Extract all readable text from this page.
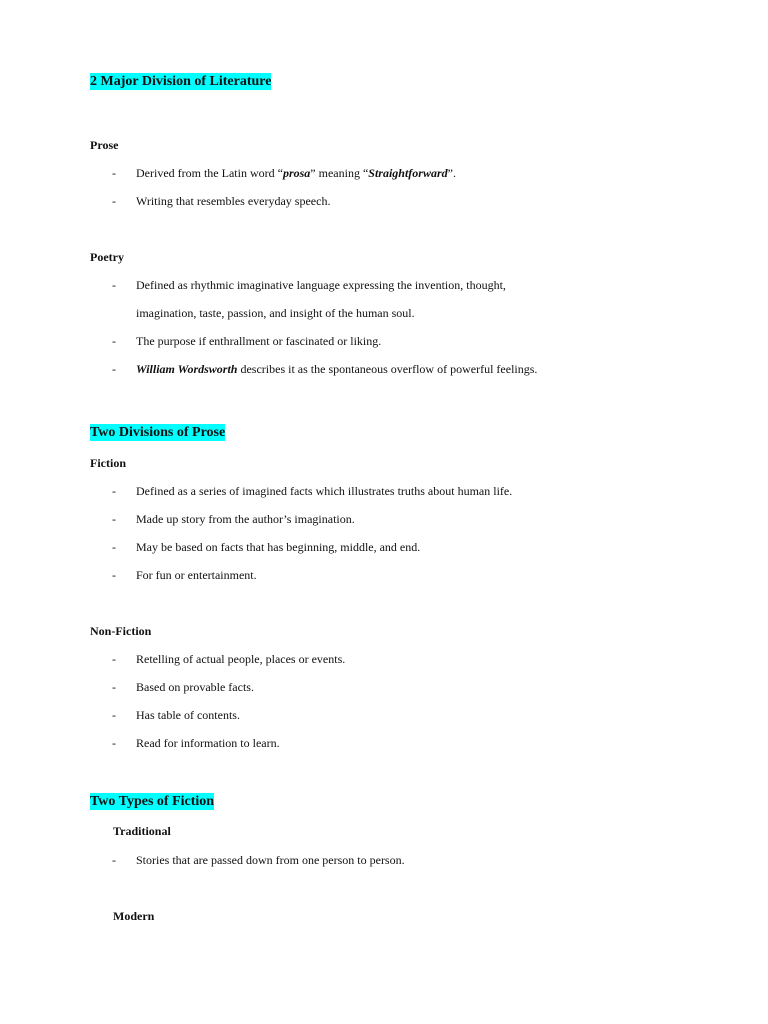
2 Major Division of Literature
Prose
- Derived from the Latin word “prosa” meaning “Straightforward”.
- Writing that resembles everyday speech.
Poetry
- Defined as rhythmic imaginative language expressing the invention, thought,
imagination, taste, passion, and insight of the human soul.
- The purpose if enthrallment or fascinated or liking.
- William Wordsworth describes it as the spontaneous overflow of powerful feelings.
Two Divisions of Prose
Fiction
- Defined as a series of imagined facts which illustrates truths about human life.
- Made up story from the author’s imagination.
- May be based on facts that has beginning, middle, and end.
- For fun or entertainment.
Non-Fiction
- Retelling of actual people, places or events.
- Based on provable facts.
- Has table of contents.
- Read for information to learn.
Two Types of Fiction
Traditional
- Stories that are passed down from one person to person.
Modern
